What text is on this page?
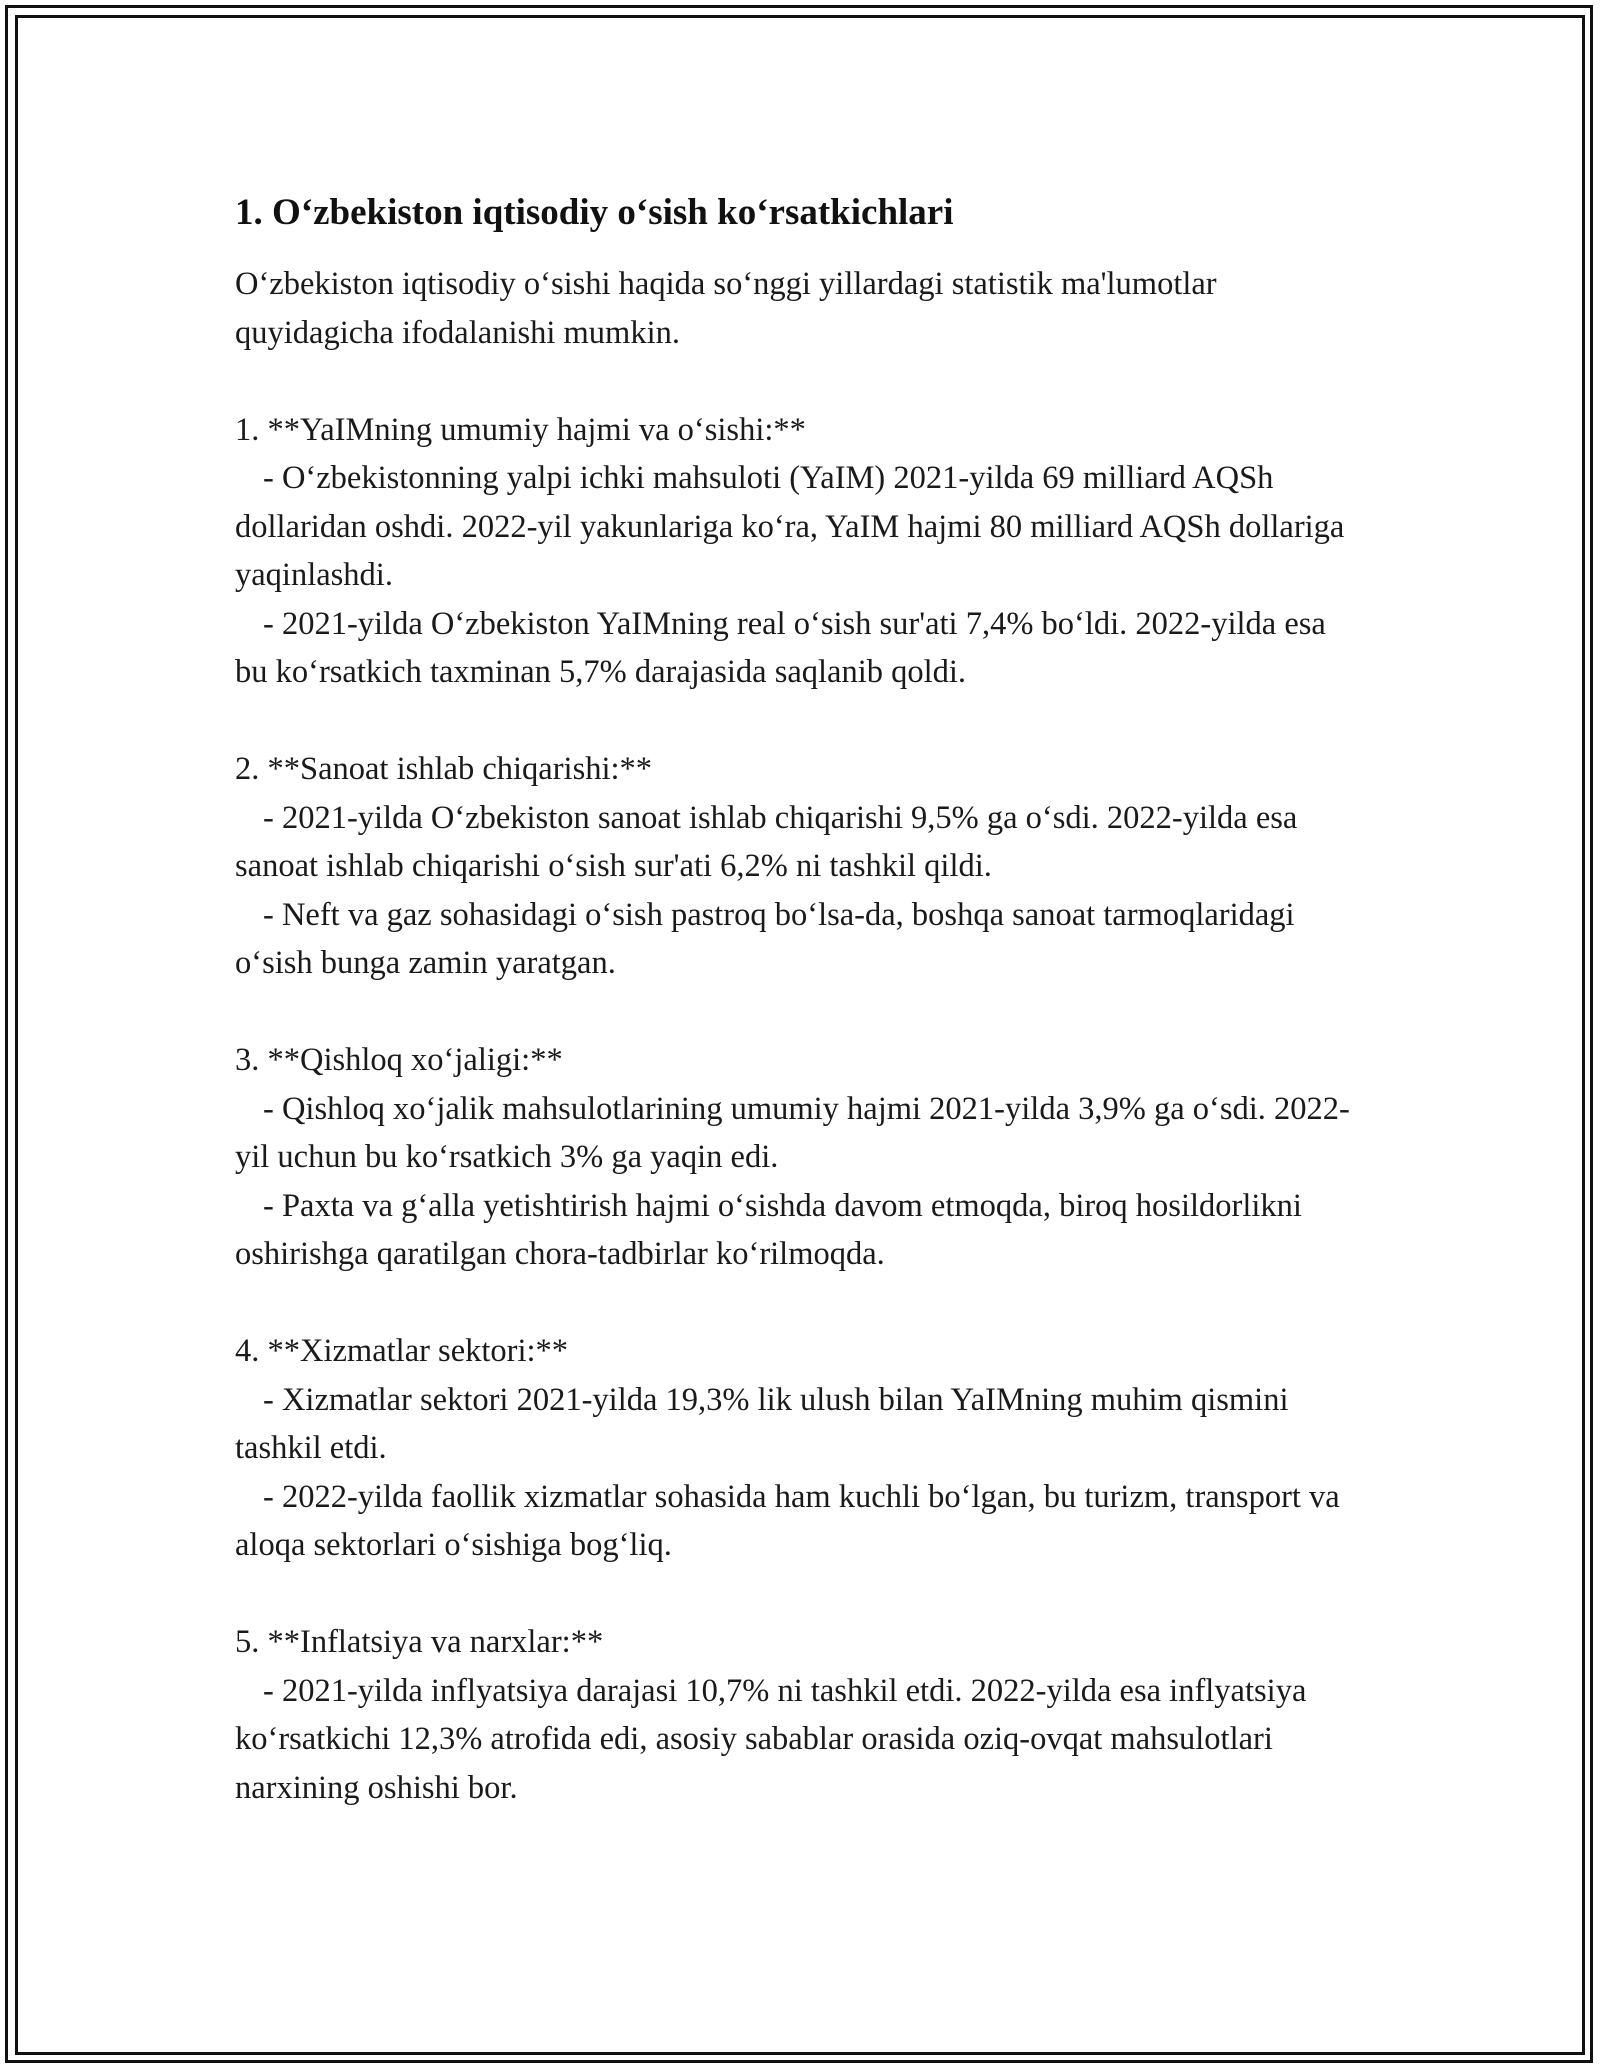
1. O‘zbekiston iqtisodiy o‘sish ko‘rsatkichlari

O‘zbekiston iqtisodiy o‘sishi haqida so‘nggi yillardagi statistik ma'lumotlar quyidagicha ifodalanishi mumkin.

1. **YaIMning umumiy hajmi va o‘sishi:**

- O‘zbekistonning yalpi ichki mahsuloti (YaIM) 2021-yilda 69 milliard AQSh dollaridan oshdi. 2022-yil yakunlariga ko‘ra, YaIM hajmi 80 milliard AQSh dollariga yaqinlashdi.

- 2021-yilda O‘zbekiston YaIMning real o‘sish sur'ati 7,4% bo‘ldi. 2022-yilda esa bu ko‘rsatkich taxminan 5,7% darajasida saqlanib qoldi.

2. **Sanoat ishlab chiqarishi:**

- 2021-yilda O‘zbekiston sanoat ishlab chiqarishi 9,5% ga o‘sdi. 2022-yilda esa sanoat ishlab chiqarishi o‘sish sur'ati 6,2% ni tashkil qildi.

- Neft va gaz sohasidagi o‘sish pastroq bo‘lsa-da, boshqa sanoat tarmoqlaridagi o‘sish bunga zamin yaratgan.

3. **Qishloq xo‘jaligi:**

- Qishloq xo‘jalik mahsulotlarining umumiy hajmi 2021-yilda 3,9% ga o‘sdi. 2022-yil uchun bu ko‘rsatkich 3% ga yaqin edi.

- Paxta va g‘alla yetishtirish hajmi o‘sishda davom etmoqda, biroq hosildorlikni oshirishga qaratilgan chora-tadbirlar ko‘rilmoqda.

4. **Xizmatlar sektori:**

- Xizmatlar sektori 2021-yilda 19,3% lik ulush bilan YaIMning muhim qismini tashkil etdi.

- 2022-yilda faollik xizmatlar sohasida ham kuchli bo‘lgan, bu turizm, transport va aloqa sektorlari o‘sishiga bog‘liq.

5. **Inflatsiya va narxlar:**

- 2021-yilda inflyatsiya darajasi 10,7% ni tashkil etdi. 2022-yilda esa inflyatsiya ko‘rsatkichi 12,3% atrofida edi, asosiy sabablar orasida oziq-ovqat mahsulotlari narxining oshishi bor.
